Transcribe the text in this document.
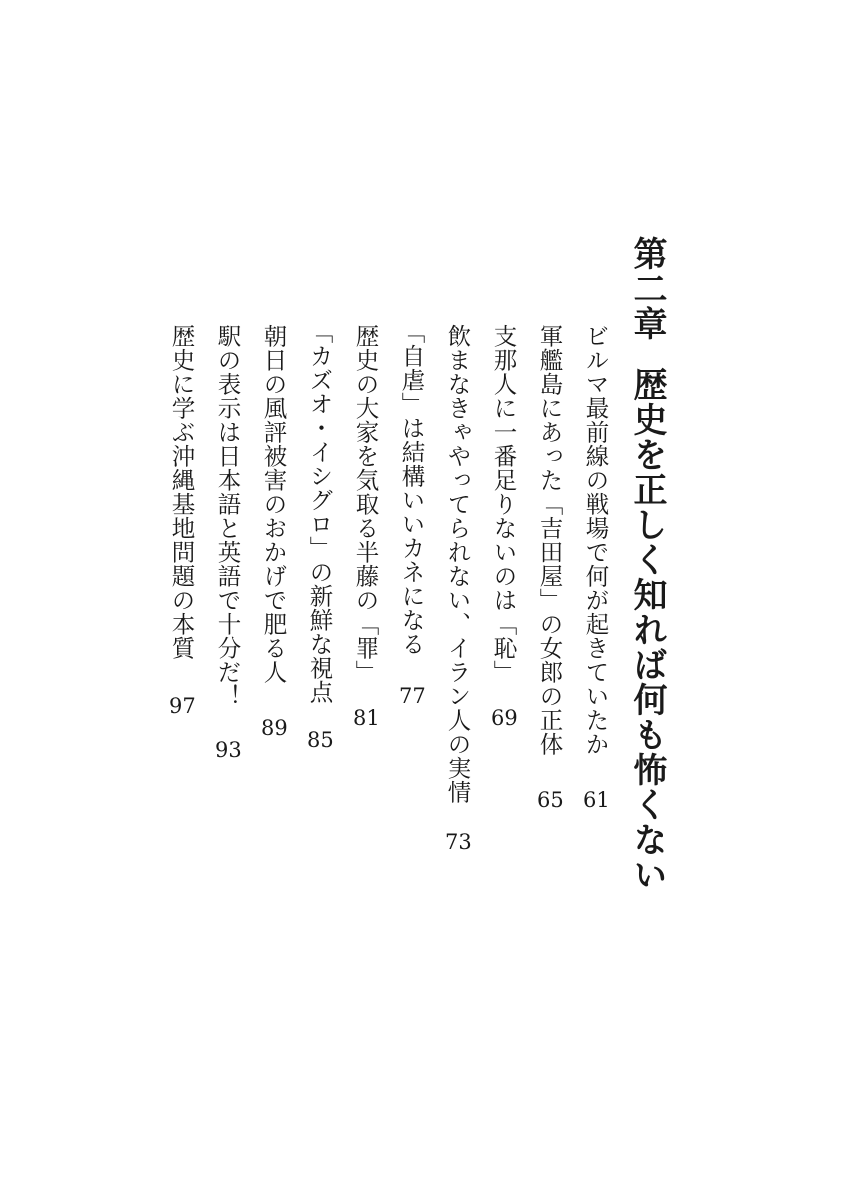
第二章歴史を正しく知れば何も怖くない
ビルマ最前線の戦場で何が起きていたか
軍艦島にあった「吉田屋」の女郎の正体
支那人に一番足りないのは「恥」
飲まなきゃやってられない、イラン人の実情
「自虐」は結構いいカネになる
歴史の大家を気取る半藤の「罪」
「カズオ・イシグロ」の新鮮な視点
朝日の風評被害のおかげで肥る人
駅の表示は日本語と英語で十分だ！
歴史に学ぶ沖縄基地問題の本質
61
65
69
73
77
81
85
89
93
97
